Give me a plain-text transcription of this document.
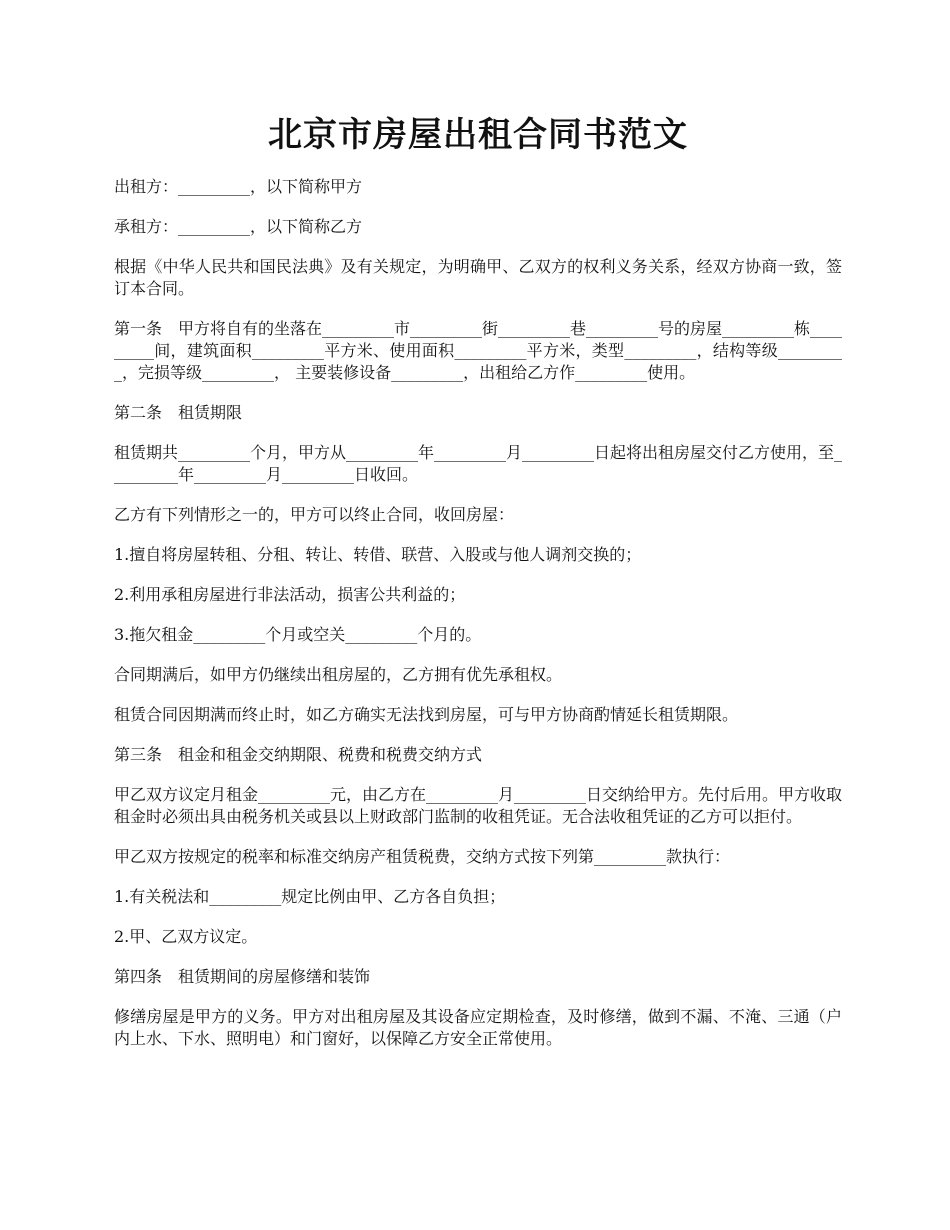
北京市房屋出租合同书范文

出租方：_________，以下简称甲方

承租方：_________，以下简称乙方

根据《中华人民共和国民法典》及有关规定，为明确甲、乙双方的权利义务关系，经双方协商一致，签订本合同。

第一条　甲方将自有的坐落在_________市_________街_________巷_________号的房屋_________栋_________间，建筑面积_________平方米、使用面积_________平方米，类型_________，结构等级_________，完损等级_________， 主要装修设备_________，出租给乙方作_________使用。

第二条　租赁期限

租赁期共_________个月，甲方从_________年_________月_________日起将出租房屋交付乙方使用，至_________年_________月_________日收回。

乙方有下列情形之一的，甲方可以终止合同，收回房屋：

1.擅自将房屋转租、分租、转让、转借、联营、入股或与他人调剂交换的；

2.利用承租房屋进行非法活动，损害公共利益的；

3.拖欠租金_________个月或空关_________个月的。

合同期满后，如甲方仍继续出租房屋的，乙方拥有优先承租权。

租赁合同因期满而终止时，如乙方确实无法找到房屋，可与甲方协商酌情延长租赁期限。

第三条　租金和租金交纳期限、税费和税费交纳方式

甲乙双方议定月租金_________元，由乙方在_________月_________日交纳给甲方。先付后用。甲方收取租金时必须出具由税务机关或县以上财政部门监制的收租凭证。无合法收租凭证的乙方可以拒付。

甲乙双方按规定的税率和标准交纳房产租赁税费，交纳方式按下列第_________款执行：

1.有关税法和_________规定比例由甲、乙方各自负担；

2.甲、乙双方议定。

第四条　租赁期间的房屋修缮和装饰

修缮房屋是甲方的义务。甲方对出租房屋及其设备应定期检查，及时修缮，做到不漏、不淹、三通（户内上水、下水、照明电）和门窗好，以保障乙方安全正常使用。
